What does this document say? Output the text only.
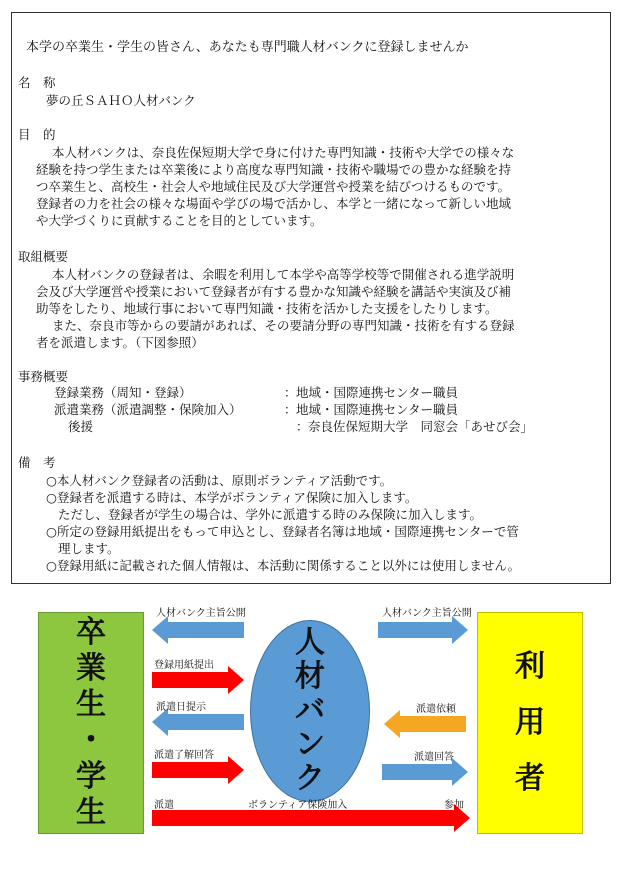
本学の卒業生・学生の皆さん、あなたも専門職人材バンクに登録しませんか
名　称
夢の丘ＳＡＨＯ人材バンク
目　的
本人材バンクは、奈良佐保短期大学で身に付けた専門知識・技術や大学での様々な
経験を持つ学生または卒業後により高度な専門知識・技術や職場での豊かな経験を持
つ卒業生と、高校生・社会人や地域住民及び大学運営や授業を結びつけるものです。
登録者の力を社会の様々な場面や学びの場で活かし、本学と一緒になって新しい地域
や大学づくりに貢献することを目的としています。
取組概要
本人材バンクの登録者は、余暇を利用して本学や高等学校等で開催される進学説明
会及び大学運営や授業において登録者が有する豊かな知識や経験を講話や実演及び補
助等をしたり、地域行事において専門知識・技術を活かした支援をしたりします。
また、奈良市等からの要請があれば、その要請分野の専門知識・技術を有する登録
者を派遣します。（下図参照）
事務概要
登録業務（周知・登録）	： 地域・国際連携センター職員
派遣業務（派遣調整・保険加入）	： 地域・国際連携センター職員
後援	： 奈良佐保短期大学　同窓会「あせび会」
備　考
○本人材バンク登録者の活動は、原則ボランティア活動です。
○登録者を派遣する時は、本学がボランティア保険に加入します。
ただし、登録者が学生の場合は、学外に派遣する時のみ保険に加入します。
○所定の登録用紙提出をもって申込とし、登録者名簿は地域・国際連携センターで管
理します。
○登録用紙に記載された個人情報は、本活動に関係すること以外には使用しません。
卒
業
生
・
学
生
人
材
バ
ン
ク
利
用
者
人材バンク主旨公開
登録用紙提出
派遣日提示
派遣了解回答
派遣
人材バンク主旨公開
派遣依頼
派遣回答
ボランティア保険加入	参加
